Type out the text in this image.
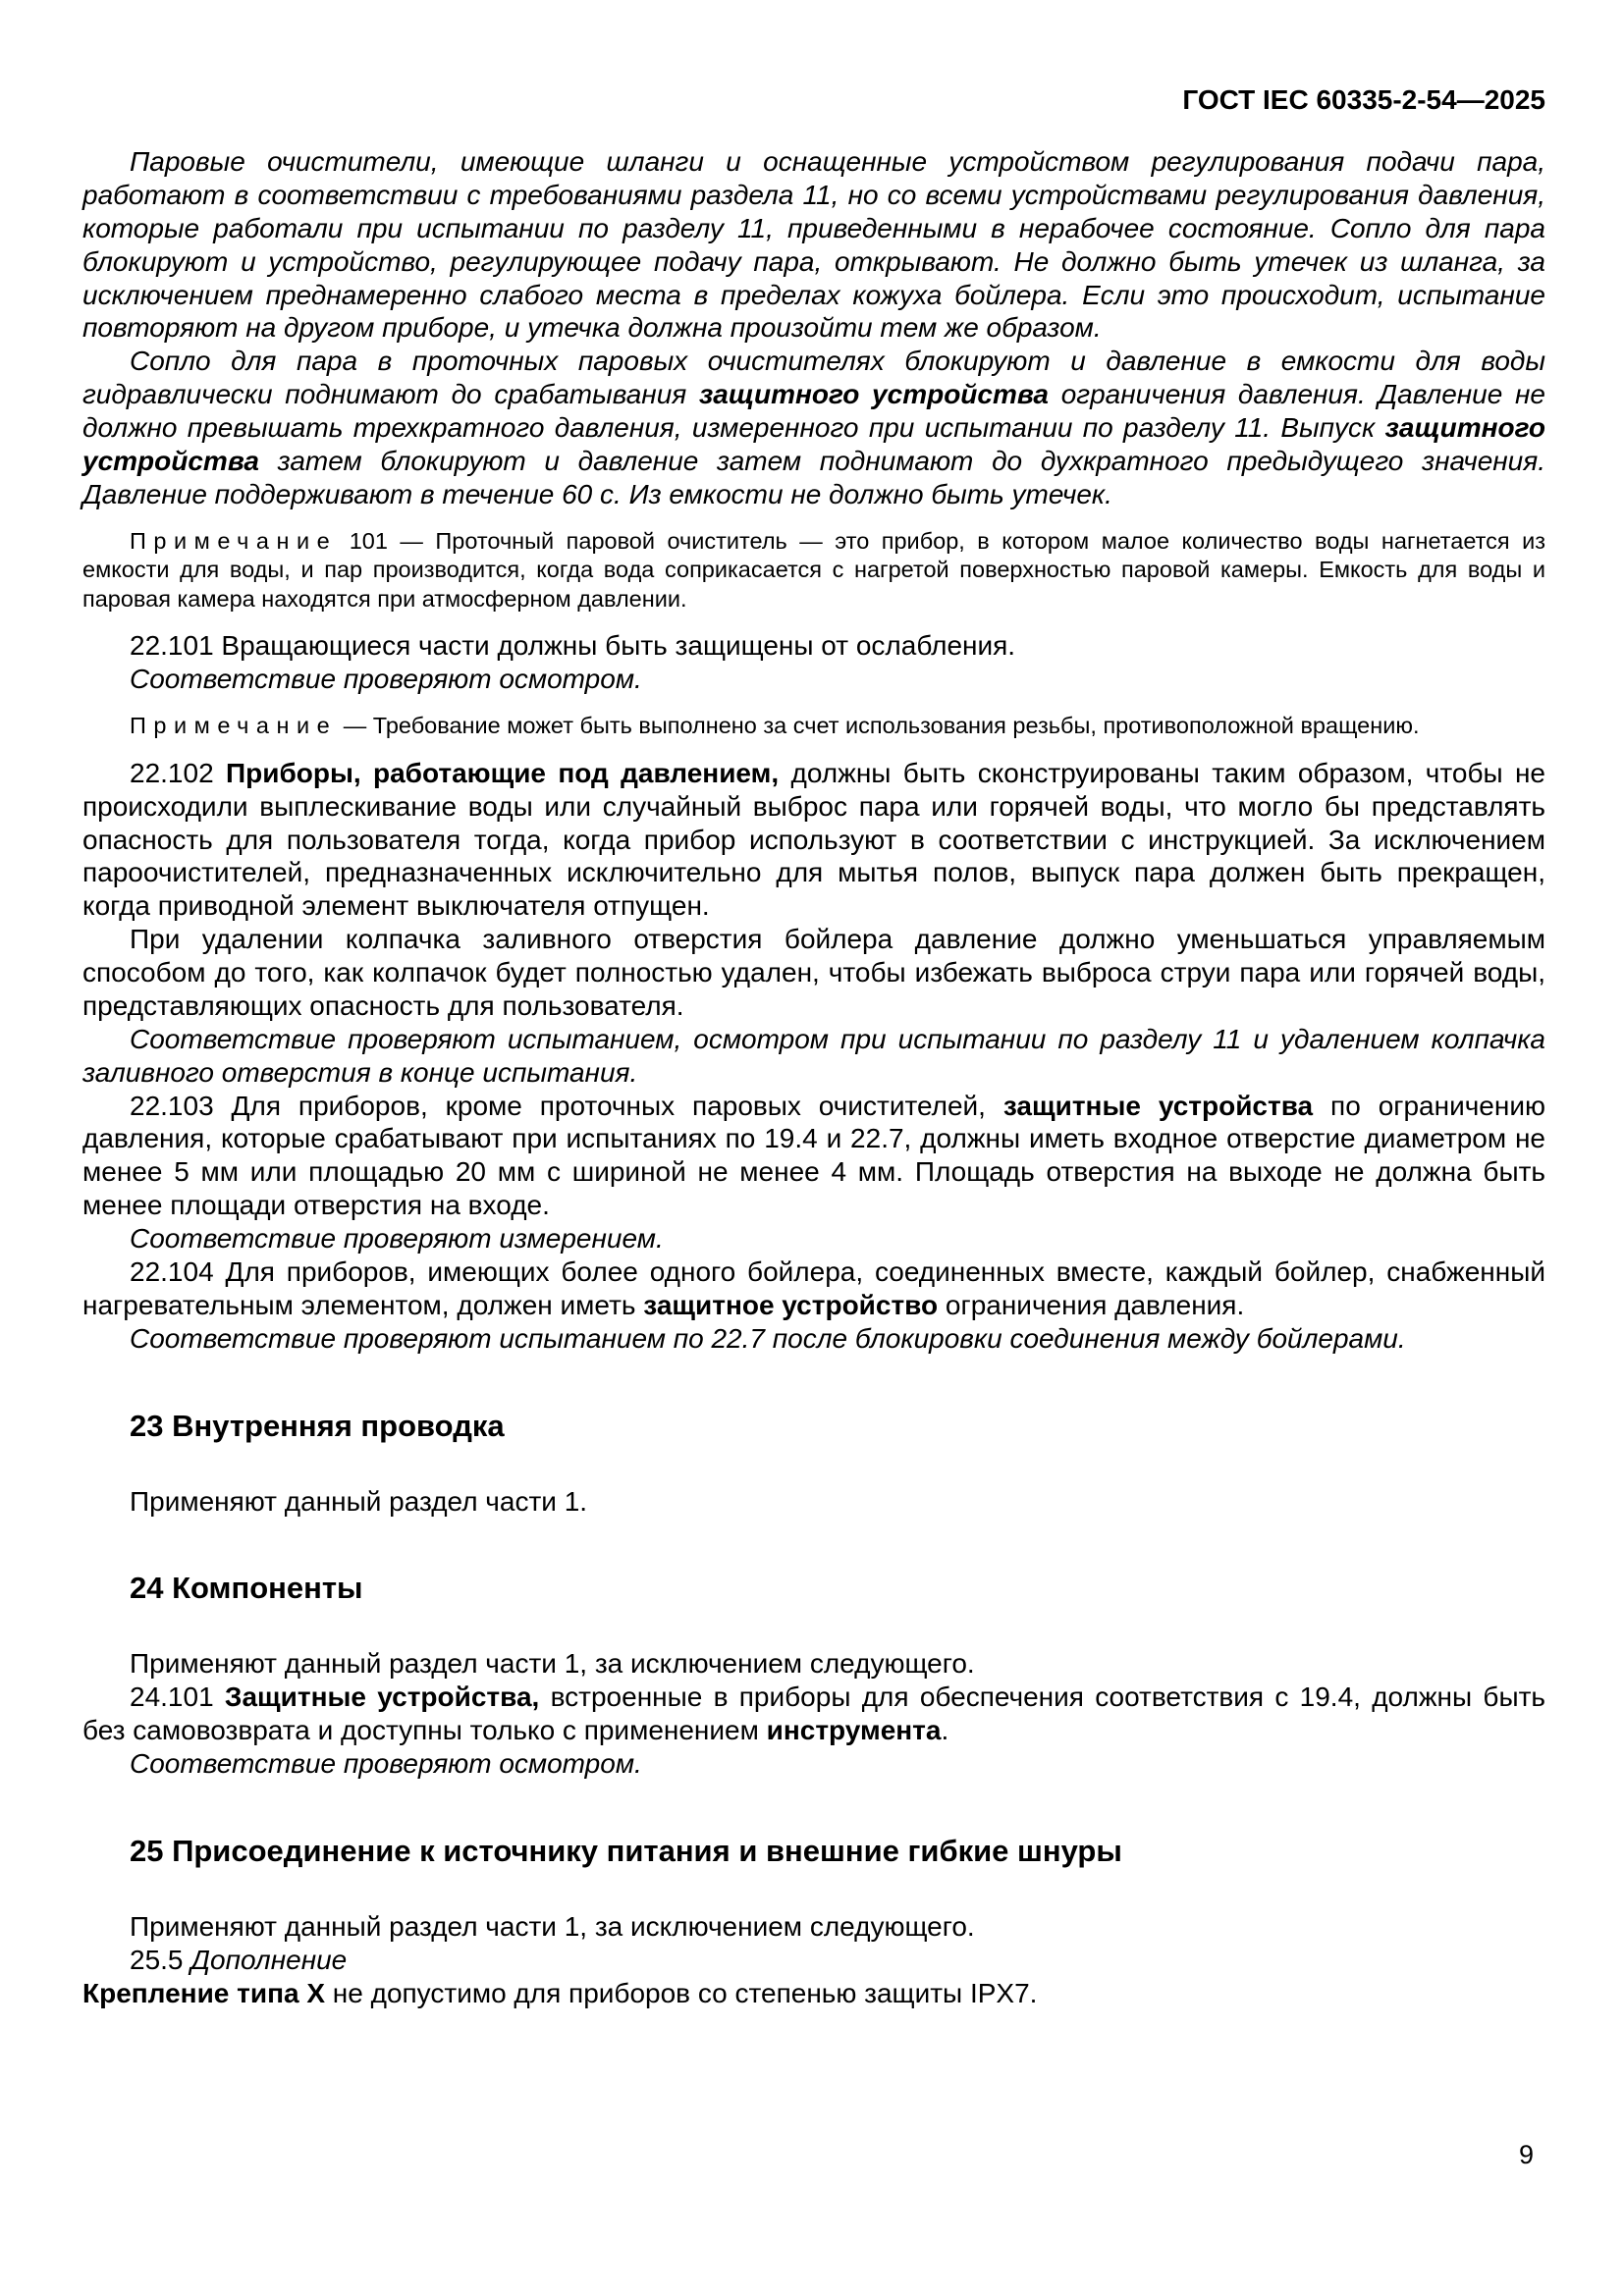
ГОСТ IEC 60335-2-54—2025

Паровые очистители, имеющие шланги и оснащенные устройством регулирования подачи пара, работают в соответствии с требованиями раздела 11, но со всеми устройствами регулирования давления, которые работали при испытании по разделу 11, приведенными в нерабочее состояние. Сопло для пара блокируют и устройство, регулирующее подачу пара, открывают. Не должно быть утечек из шланга, за исключением преднамеренно слабого места в пределах кожуха бойлера. Если это происходит, испытание повторяют на другом приборе, и утечка должна произойти тем же образом.

Сопло для пара в проточных паровых очистителях блокируют и давление в емкости для воды гидравлически поднимают до срабатывания защитного устройства ограничения давления. Давление не должно превышать трехкратного давления, измеренного при испытании по разделу 11. Выпуск защитного устройства затем блокируют и давление затем поднимают до духкратного предыдущего значения. Давление поддерживают в течение 60 с. Из емкости не должно быть утечек.

Примечание 101 — Проточный паровой очиститель — это прибор, в котором малое количество воды нагнетается из емкости для воды, и пар производится, когда вода соприкасается с нагретой поверхностью паровой камеры. Емкость для воды и паровая камера находятся при атмосферном давлении.

22.101 Вращающиеся части должны быть защищены от ослабления.

Соответствие проверяют осмотром.

Примечание — Требование может быть выполнено за счет использования резьбы, противоположной вращению.

22.102 Приборы, работающие под давлением, должны быть сконструированы таким образом, чтобы не происходили выплескивание воды или случайный выброс пара или горячей воды, что могло бы представлять опасность для пользователя тогда, когда прибор используют в соответствии с инструкцией. За исключением пароочистителей, предназначенных исключительно для мытья полов, выпуск пара должен быть прекращен, когда приводной элемент выключателя отпущен.

При удалении колпачка заливного отверстия бойлера давление должно уменьшаться управляемым способом до того, как колпачок будет полностью удален, чтобы избежать выброса струи пара или горячей воды, представляющих опасность для пользователя.

Соответствие проверяют испытанием, осмотром при испытании по разделу 11 и удалением колпачка заливного отверстия в конце испытания.

22.103 Для приборов, кроме проточных паровых очистителей, защитные устройства по ограничению давления, которые срабатывают при испытаниях по 19.4 и 22.7, должны иметь входное отверстие диаметром не менее 5 мм или площадью 20 мм с шириной не менее 4 мм. Площадь отверстия на выходе не должна быть менее площади отверстия на входе.

Соответствие проверяют измерением.

22.104 Для приборов, имеющих более одного бойлера, соединенных вместе, каждый бойлер, снабженный нагревательным элементом, должен иметь защитное устройство ограничения давления.

Соответствие проверяют испытанием по 22.7 после блокировки соединения между бойлерами.

23 Внутренняя проводка

Применяют данный раздел части 1.

24 Компоненты

Применяют данный раздел части 1, за исключением следующего.

24.101 Защитные устройства, встроенные в приборы для обеспечения соответствия с 19.4, должны быть без самовозврата и доступны только с применением инструмента.

Соответствие проверяют осмотром.

25 Присоединение к источнику питания и внешние гибкие шнуры

Применяют данный раздел части 1, за исключением следующего.

25.5 Дополнение

Крепление типа X не допустимо для приборов со степенью защиты IPX7.

9
